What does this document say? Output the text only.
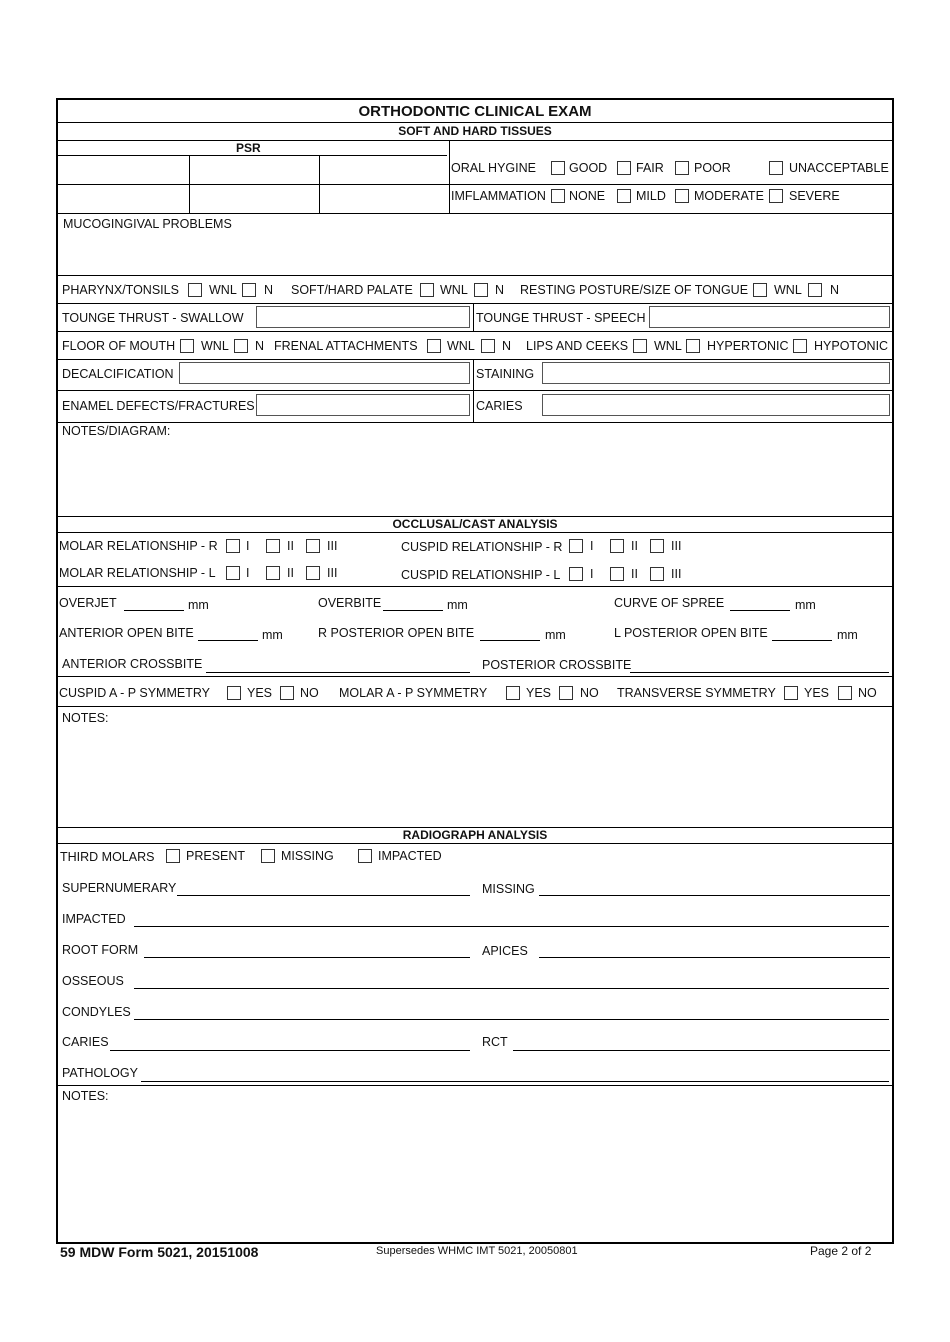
ORTHODONTIC CLINICAL EXAM
SOFT AND HARD TISSUES
PSR
ORAL HYGINE	GOOD FAIR POOR	UNACCEPTABLE
IMFLAMMATION NONE MILD MODERATE SEVERE
MUCOGINGIVAL PROBLEMS
PHARYNX/TONSILS WNL N SOFT/HARD PALATE WNL N RESTING POSTURE/SIZE OF TONGUE WNL N
TOUNGE THRUST - SWALLOW	TOUNGE THRUST - SPEECH
FLOOR OF MOUTH WNL N FRENAL ATTACHMENTS WNL N LIPS AND CEEKS WNL HYPERTONIC HYPOTONIC
DECALCIFICATION	STAINING
ENAMEL DEFECTS/FRACTURES	CARIES
NOTES/DIAGRAM:
OCCLUSAL/CAST ANALYSIS
MOLAR RELATIONSHIP - R I	II	III	CUSPID RELATIONSHIP - R I	II	III
MOLAR RELATIONSHIP - L I	II	III	CUSPID RELATIONSHIP - L I	II	III
OVERJET	mm	OVERBITE	mm	CURVE OF SPREE	mm
ANTERIOR OPEN BITE	mm	R POSTERIOR OPEN BITE	mm	L POSTERIOR OPEN BITE	mm
ANTERIOR CROSSBITE	POSTERIOR CROSSBITE
CUSPID A - P SYMMETRY	YES NO MOLAR A - P SYMMETRY	YES NO TRANSVERSE SYMMETRY YES NO
NOTES:
RADIOGRAPH ANALYSIS
THIRD MOLARS	PRESENT	MISSING	IMPACTED
SUPERNUMERARY	MISSING
IMPACTED
ROOT FORM	APICES
OSSEOUS
CONDYLES
CARIES	RCT
PATHOLOGY
NOTES:
59 MDW Form 5021, 20151008	Supersedes WHMC IMT 5021, 20050801	Page 2 of 2
